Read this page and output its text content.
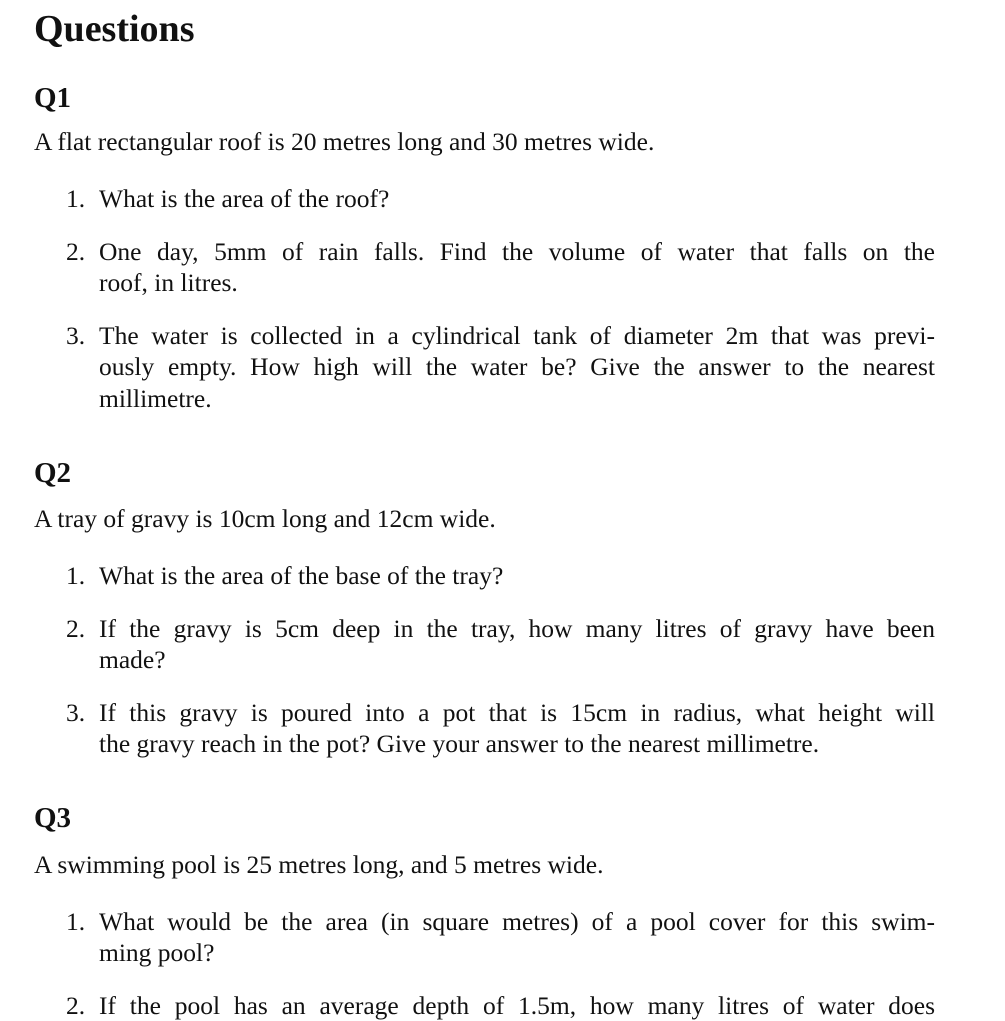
Questions
Q1
A flat rectangular roof is 20 metres long and 30 metres wide.
1. What is the area of the roof?
2. One day, 5mm of rain falls. Find the volume of water that falls on the
roof, in litres.
3. The water is collected in a cylindrical tank of diameter 2m that was previ-
ously empty. How high will the water be? Give the answer to the nearest
millimetre.
Q2
A tray of gravy is 10cm long and 12cm wide.
1. What is the area of the base of the tray?
2. If the gravy is 5cm deep in the tray, how many litres of gravy have been
made?
3. If this gravy is poured into a pot that is 15cm in radius, what height will
the gravy reach in the pot? Give your answer to the nearest millimetre.
Q3
A swimming pool is 25 metres long, and 5 metres wide.
1. What would be the area (in square metres) of a pool cover for this swim-
ming pool?
2. If the pool has an average depth of 1.5m, how many litres of water does
